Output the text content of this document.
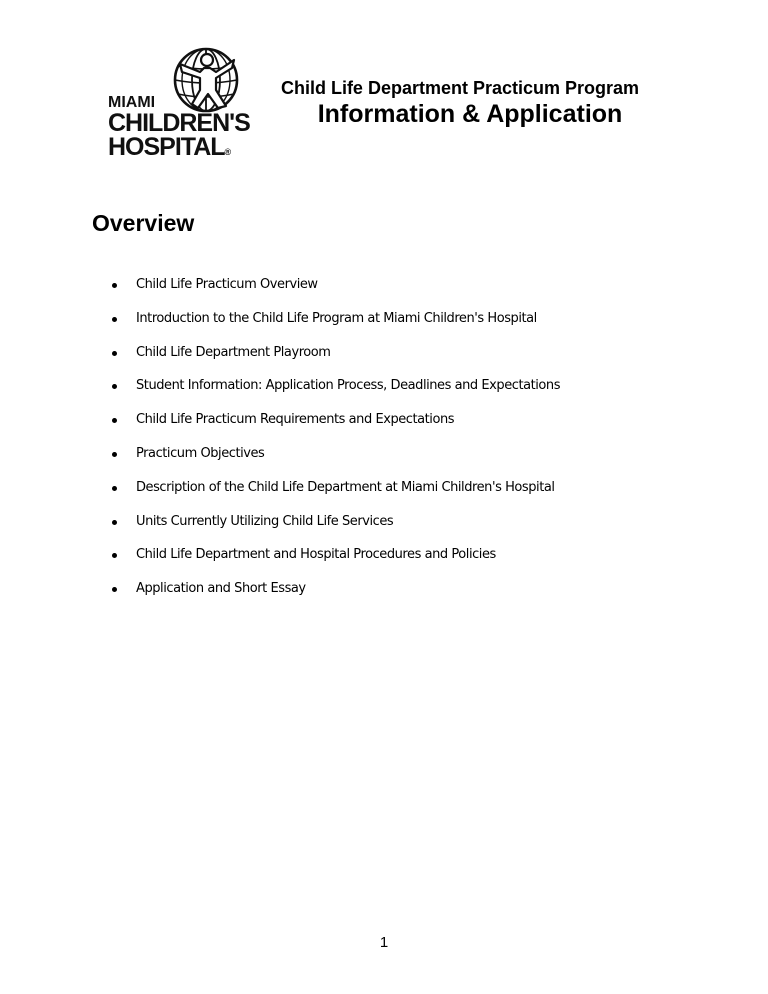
MIAMI
CHILDREN'S
HOSPITAL®
Child Life Department Practicum Program
Information & Application
Overview
Child Life Practicum Overview
Introduction to the Child Life Program at Miami Children's Hospital
Child Life Department Playroom
Student Information: Application Process, Deadlines and Expectations
Child Life Practicum Requirements and Expectations
Practicum Objectives
Description of the Child Life Department at Miami Children's Hospital
Units Currently Utilizing Child Life Services
Child Life Department and Hospital Procedures and Policies
Application and Short Essay
1
